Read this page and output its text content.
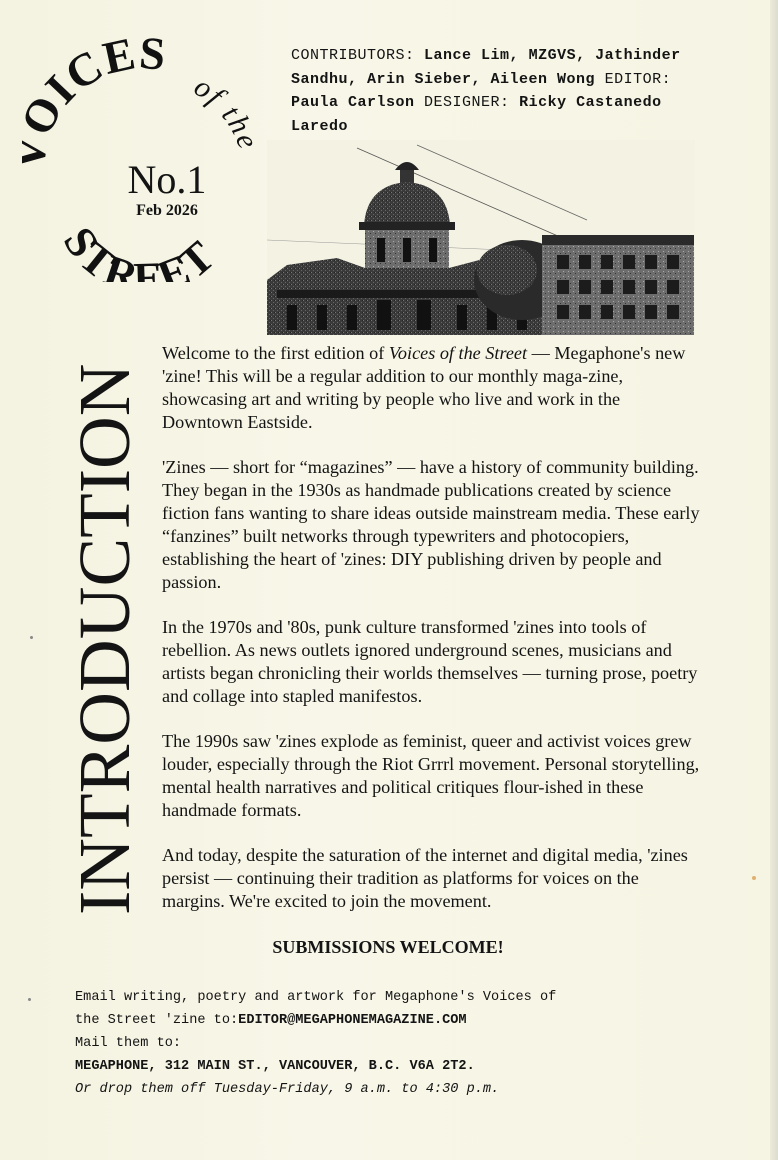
ICES
of the
STREET
No.1
Feb 2026
CONTRIBUTORS: Lance Lim, MZGVS, Jathinder Sandhu, Arin Sieber, Aileen Wong EDITOR: Paula Carlson DESIGNER: Ricky Castanedo Laredo
INTRODUCTION

Welcome to the first edition of Voices of the Street — Megaphone's new 'zine! This will be a regular addition to our monthly maga-zine, showcasing art and writing by people who live and work in the Downtown Eastside.

'Zines — short for “magazines” — have a history of community building. They began in the 1930s as handmade publications created by science fiction fans wanting to share ideas outside mainstream media. These early “fanzines” built networks through typewriters and photocopiers, establishing the heart of 'zines: DIY publishing driven by people and passion.

In the 1970s and '80s, punk culture transformed 'zines into tools of rebellion. As news outlets ignored underground scenes, musicians and artists began chronicling their worlds themselves — turning prose, poetry and collage into stapled manifestos.

The 1990s saw 'zines explode as feminist, queer and activist voices grew louder, especially through the Riot Grrrl movement. Personal storytelling, mental health narratives and political critiques flour-ished in these handmade formats.

And today, despite the saturation of the internet and digital media, 'zines persist — continuing their tradition as platforms for voices on the margins. We're excited to join the movement.

SUBMISSIONS WELCOME!
Email writing, poetry and artwork for Megaphone's Voices of
the Street 'zine to:EDITOR@MEGAPHONEMAGAZINE.COM
Mail them to:
MEGAPHONE, 312 MAIN ST., VANCOUVER, B.C. V6A 2T2.
Or drop them off Tuesday-Friday, 9 a.m. to 4:30 p.m.
